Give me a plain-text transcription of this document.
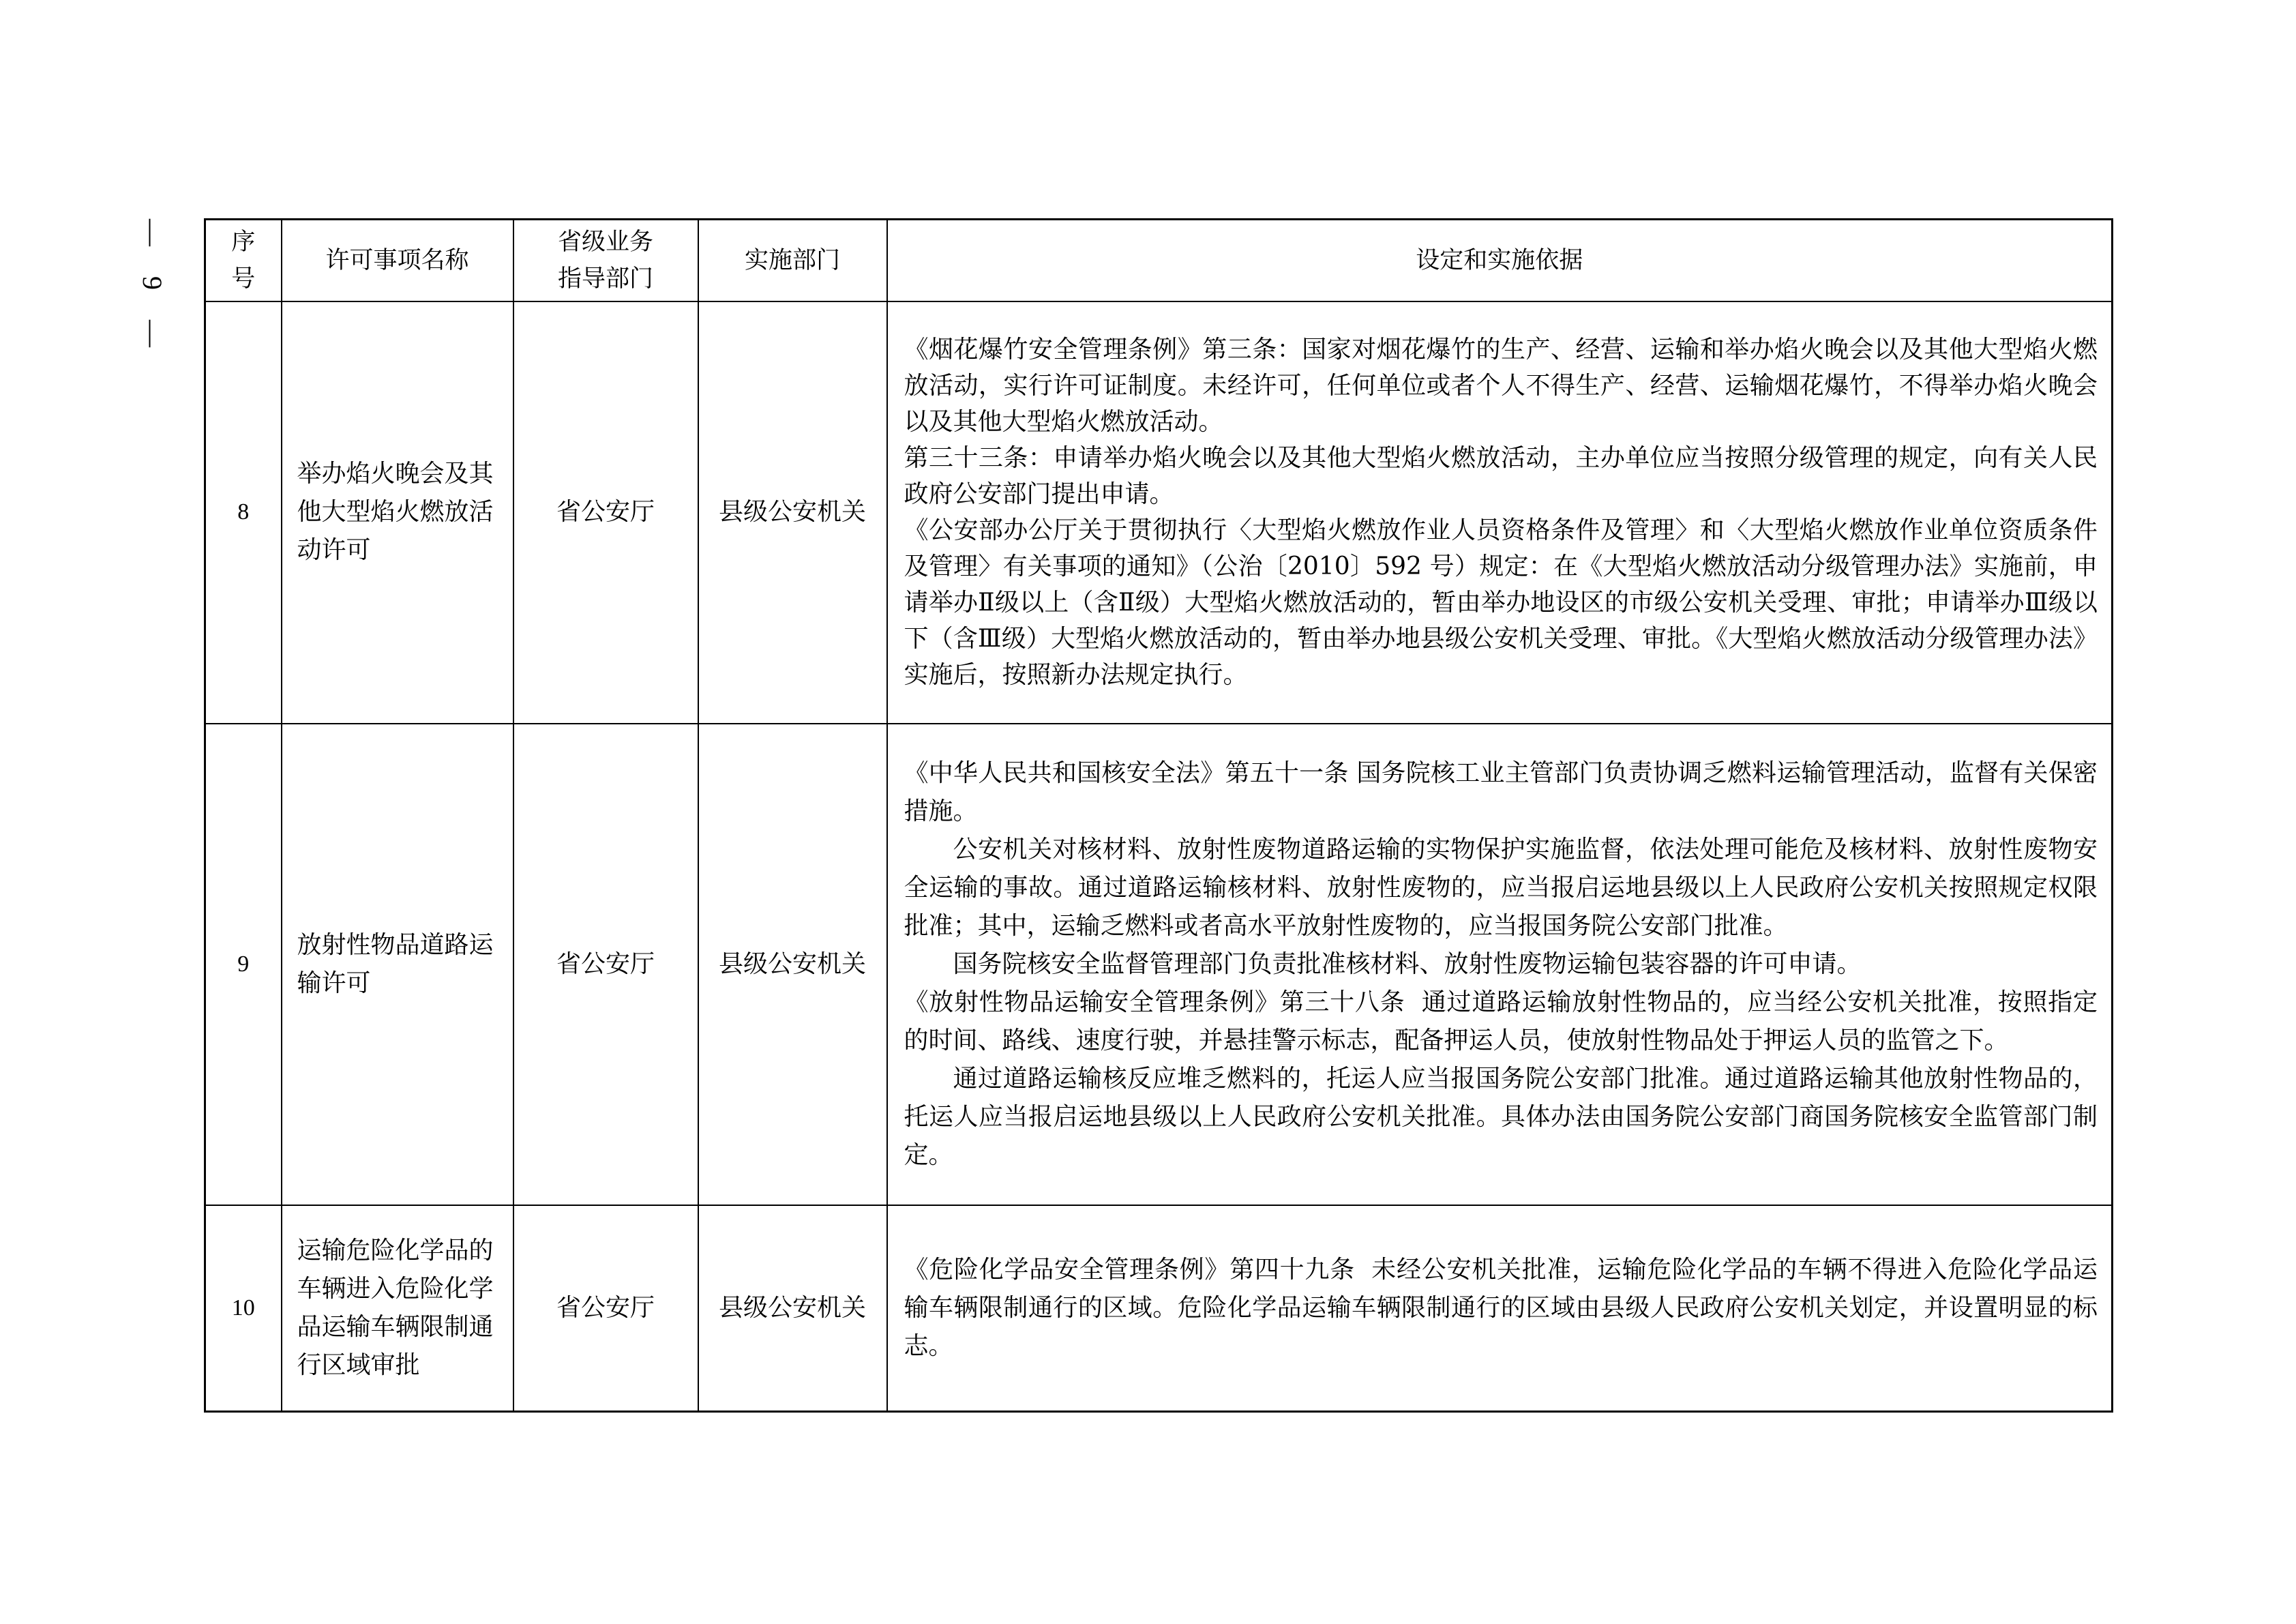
— 9 —	序号	许可事项名称	省级业务指导部门	实施部门	设定和实施依据
8	举办焰火晚会及其他大型焰火燃放活动许可	省公安厅	县级公安机关	《烟花爆竹安全管理条例》第三条：国家对烟花爆竹的生产、经营、运输和举办焰火晚会以及其他大型焰火燃放活动，实行许可证制度。未经许可，任何单位或者个人不得生产、经营、运输烟花爆竹，不得举办焰火晚会以及其他大型焰火燃放活动。

第三十三条：申请举办焰火晚会以及其他大型焰火燃放活动，主办单位应当按照分级管理的规定，向有关人民政府公安部门提出申请。

《公安部办公厅关于贯彻执行〈大型焰火燃放作业人员资格条件及管理〉和〈大型焰火燃放作业单位资质条件及管理〉有关事项的通知》（公治〔2010〕592 号）规定：在《大型焰火燃放活动分级管理办法》实施前，申请举办Ⅱ级以上（含Ⅱ级）大型焰火燃放活动的，暂由举办地设区的市级公安机关受理、审批；申请举办Ⅲ级以下（含Ⅲ级）大型焰火燃放活动的，暂由举办地县级公安机关受理、审批。《大型焰火燃放活动分级管理办法》实施后，按照新办法规定执行。

9	放射性物品道路运输许可	省公安厅	县级公安机关	《中华人民共和国核安全法》第五十一条 国务院核工业主管部门负责协调乏燃料运输管理活动，监督有关保密措施。

公安机关对核材料、放射性废物道路运输的实物保护实施监督，依法处理可能危及核材料、放射性废物安全运输的事故。通过道路运输核材料、放射性废物的，应当报启运地县级以上人民政府公安机关按照规定权限批准；其中，运输乏燃料或者高水平放射性废物的，应当报国务院公安部门批准。

国务院核安全监督管理部门负责批准核材料、放射性废物运输包装容器的许可申请。

《放射性物品运输安全管理条例》第三十八条  通过道路运输放射性物品的，应当经公安机关批准，按照指定的时间、路线、速度行驶，并悬挂警示标志，配备押运人员，使放射性物品处于押运人员的监管之下。

通过道路运输核反应堆乏燃料的，托运人应当报国务院公安部门批准。通过道路运输其他放射性物品的，托运人应当报启运地县级以上人民政府公安机关批准。具体办法由国务院公安部门商国务院核安全监管部门制定。

10	运输危险化学品的车辆进入危险化学品运输车辆限制通行区域审批	省公安厅	县级公安机关	《危险化学品安全管理条例》第四十九条  未经公安机关批准，运输危险化学品的车辆不得进入危险化学品运输车辆限制通行的区域。危险化学品运输车辆限制通行的区域由县级人民政府公安机关划定，并设置明显的标志。
